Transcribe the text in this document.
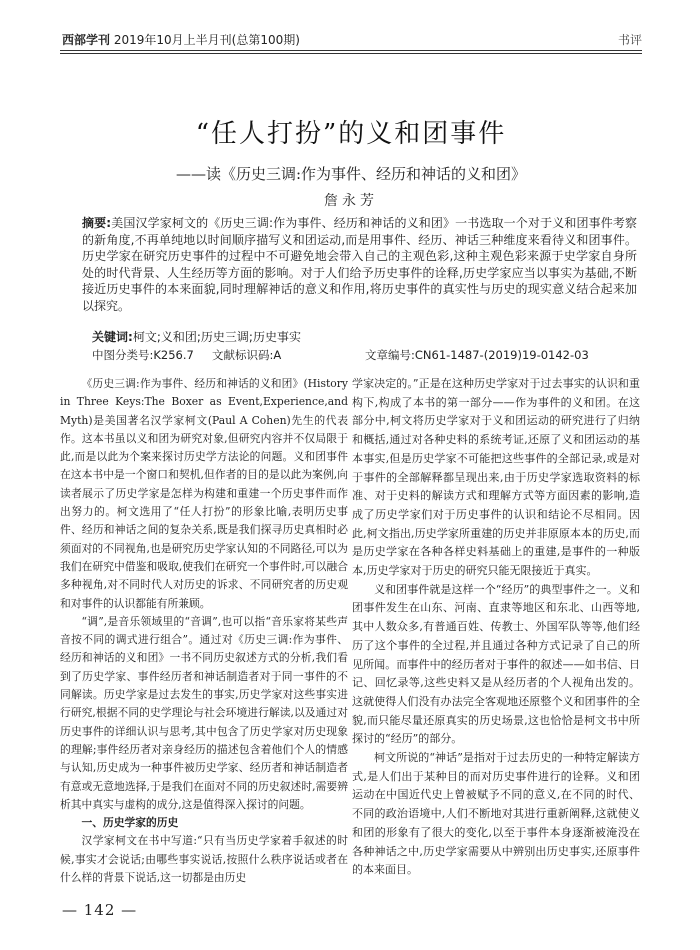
西部学刊 2019年10月上半月刊(总第100期)	书评
“任人打扮”的义和团事件
——读《历史三调:作为事件、经历和神话的义和团》
詹永芳
摘要:美国汉学家柯文的《历史三调:作为事件、经历和神话的义和团》一书选取一个对于义和团事件考察的新角度,不再单纯地以时间顺序描写义和团运动,而是用事件、经历、神话三种维度来看待义和团事件。历史学家在研究历史事件的过程中不可避免地会带入自己的主观色彩,这种主观色彩来源于史学家自身所处的时代背景、人生经历等方面的影响。对于人们给予历史事件的诠释,历史学家应当以事实为基础,不断接近历史事件的本来面貌,同时理解神话的意义和作用,将历史事件的真实性与历史的现实意义结合起来加以探究。
关键词:柯文;义和团;历史三调;历史事实
中图分类号:K256.7 文献标识码:A	文章编号:CN61-1487-(2019)19-0142-03

《历史三调:作为事件、经历和神话的义和团》(History in Three Keys:The Boxer as Event,Experience,and Myth)是美国著名汉学家柯文(Paul A Cohen)先生的代表作。这本书虽以义和团为研究对象,但研究内容并不仅局限于此,而是以此为个案来探讨历史学方法论的问题。义和团事件在这本书中是一个窗口和契机,但作者的目的是以此为案例,向读者展示了历史学家是怎样为构建和重建一个历史事件而作出努力的。柯文选用了“任人打扮”的形象比喻,表明历史事件、经历和神话之间的复杂关系,既是我们探寻历史真相时必须面对的不同视角,也是研究历史学家认知的不同路径,可以为我们在研究中借鉴和吸取,使我们在研究一个事件时,可以融合多种视角,对不同时代人对历史的诉求、不同研究者的历史观和对事件的认识都能有所兼顾。

“调”,是音乐领域里的“音调”,也可以指“音乐家将某些声音按不同的调式进行组合”。通过对《历史三调:作为事件、经历和神话的义和团》一书不同历史叙述方式的分析,我们看到了历史学家、事件经历者和神话制造者对于同一事件的不同解读。历史学家是过去发生的事实,历史学家对这些事实进行研究,根据不同的史学理论与社会环境进行解读,以及通过对历史事件的详细认识与思考,其中包含了历史学家对历史现象的理解;事件经历者对亲身经历的描述包含着他们个人的情感与认知,历史成为一种事件被历史学家、经历者和神话制造者有意或无意地选择,于是我们在面对不同的历史叙述时,需要辨析其中真实与虚构的成分,这是值得深入探讨的问题。

一、历史学家的历史

汉学家柯文在书中写道:“只有当历史学家着手叙述的时候,事实才会说话;由哪些事实说话,按照什么秩序说话或者在什么样的背景下说话,这一切都是由历史

学家决定的。”正是在这种历史学家对于过去事实的认识和重构下,构成了本书的第一部分——作为事件的义和团。在这部分中,柯文将历史学家对于义和团运动的研究进行了归纳和概括,通过对各种史料的系统考证,还原了义和团运动的基本事实,但是历史学家不可能把这些事件的全部记录,或是对于事件的全部解释都呈现出来,由于历史学家选取资料的标准、对于史料的解读方式和理解方式等方面因素的影响,造成了历史学家们对于历史事件的认识和结论不尽相同。因此,柯文指出,历史学家所重建的历史并非原原本本的历史,而是历史学家在各种各样史料基础上的重建,是事件的一种版本,历史学家对于历史的研究只能无限接近于真实。

义和团事件就是这样一个“经历”的典型事件之一。义和团事件发生在山东、河南、直隶等地区和东北、山西等地,其中人数众多,有普通百姓、传教士、外国军队等等,他们经历了这个事件的全过程,并且通过各种方式记录了自己的所见所闻。而事件中的经历者对于事件的叙述——如书信、日记、回忆录等,这些史料又是从经历者的个人视角出发的。这就使得人们没有办法完全客观地还原整个义和团事件的全貌,而只能尽量还原真实的历史场景,这也恰恰是柯文书中所探讨的“经历”的部分。

柯文所说的“神话”是指对于过去历史的一种特定解读方式,是人们出于某种目的而对历史事件进行的诠释。义和团运动在中国近代史上曾被赋予不同的意义,在不同的时代、不同的政治语境中,人们不断地对其进行重新阐释,这就使义和团的形象有了很大的变化,以至于事件本身逐渐被淹没在各种神话之中,历史学家需要从中辨别出历史事实,还原事件的本来面目。

— 142 —
